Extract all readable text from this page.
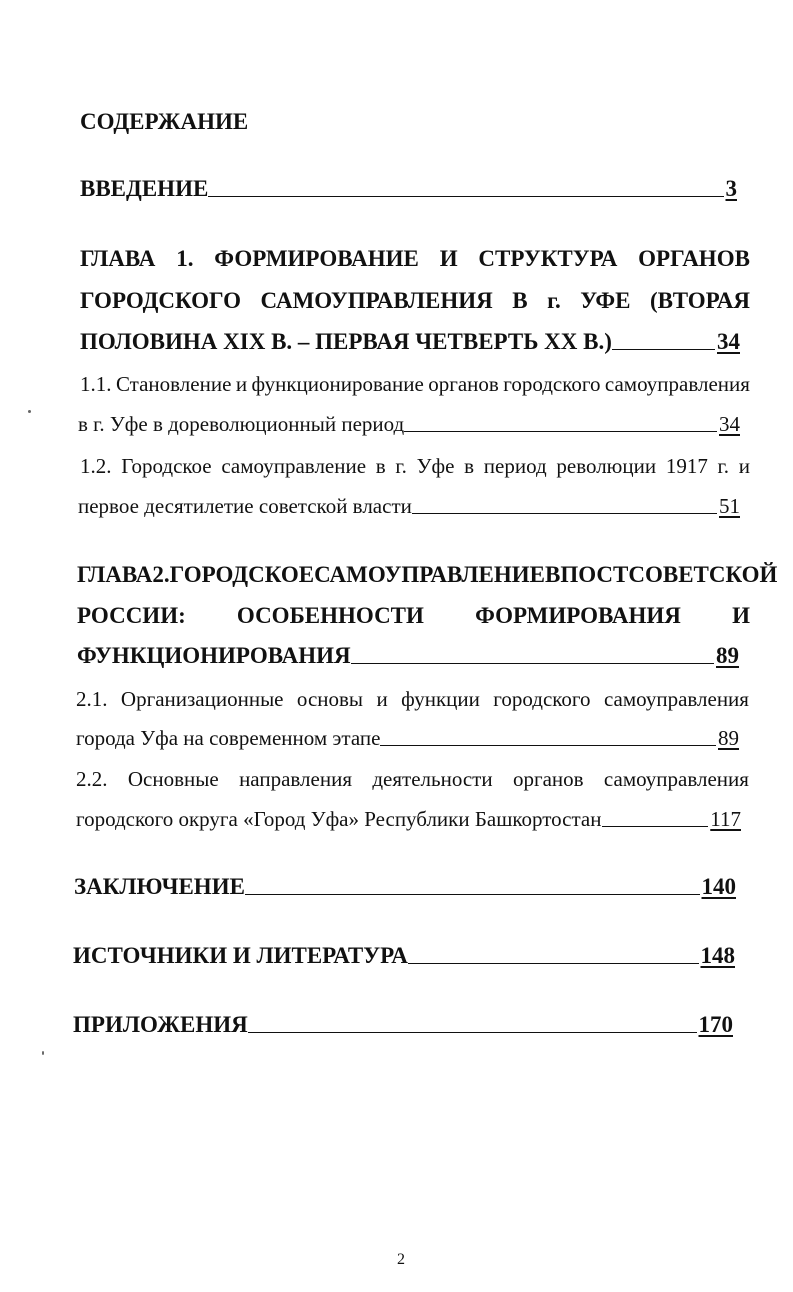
СОДЕРЖАНИЕ
ВВЕДЕНИЕ	3
ГЛАВА 1. ФОРМИРОВАНИЕ И СТРУКТУРА ОРГАНОВ
ГОРОДСКОГО САМОУПРАВЛЕНИЯ В г. УФЕ (ВТОРАЯ
ПОЛОВИНА XIX В. – ПЕРВАЯ ЧЕТВЕРТЬ XX В.)	34
1.1. Становление и функционирование органов городского самоуправления
в г. Уфе в дореволюционный период	34
1.2. Городское самоуправление в г. Уфе в период революции 1917 г. и
первое десятилетие советской власти	51
ГЛАВА 2. ГОРОДСКОЕ САМОУПРАВЛЕНИЕ В ПОСТСОВЕТСКОЙ
РОССИИ: ОСОБЕННОСТИ ФОРМИРОВАНИЯ И
ФУНКЦИОНИРОВАНИЯ	89
2.1. Организационные основы и функции городского самоуправления
города Уфа на современном этапе	89
2.2. Основные направления деятельности органов самоуправления
городского округа «Город Уфа» Республики Башкортостан	117
ЗАКЛЮЧЕНИЕ	140
ИСТОЧНИКИ И ЛИТЕРАТУРА	148
ПРИЛОЖЕНИЯ	170
2
